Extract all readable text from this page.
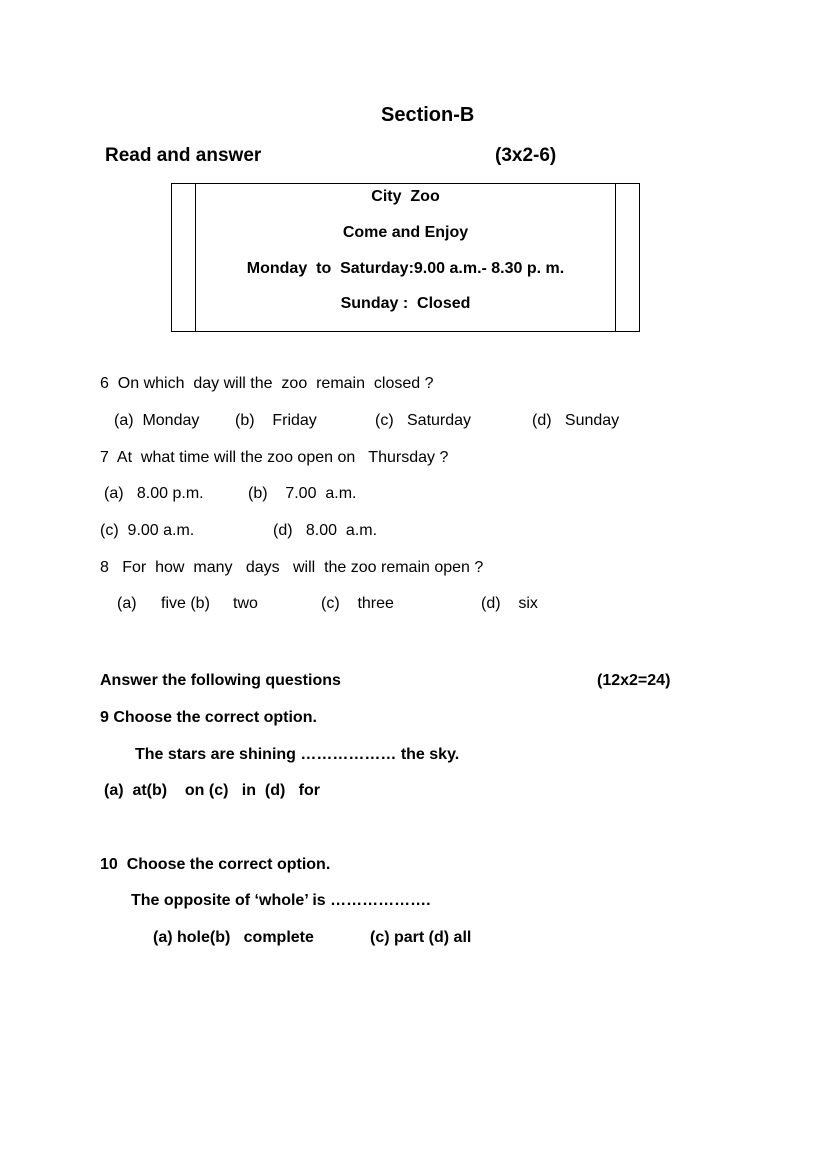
Section-B
Read and answer	(3x2-6)
City  Zoo
Come and Enjoy
Monday  to  Saturday:9.00 a.m.- 8.30 p. m.
Sunday :  Closed
6  On which  day will the  zoo  remain  closed ?
(a)  Monday (b)    Friday	(c)   Saturday	(d)   Sunday
7  At  what time will the zoo open on   Thursday ?
(a)   8.00 p.m.	(b)    7.00  a.m.
(c)  9.00 a.m.	(d)   8.00  a.m.
8   For  how  many   days   will  the zoo remain open ?
(a) five (b) two	(c)    three	(d)    six
Answer the following questions	(12x2=24)
9 Choose the correct option.
The stars are shining ……………… the sky.
(a)  at(b)    on (c)   in  (d)   for
10  Choose the correct option.
The opposite of ‘whole’ is ……………….
(a) hole(b)   complete	(c) part (d) all
